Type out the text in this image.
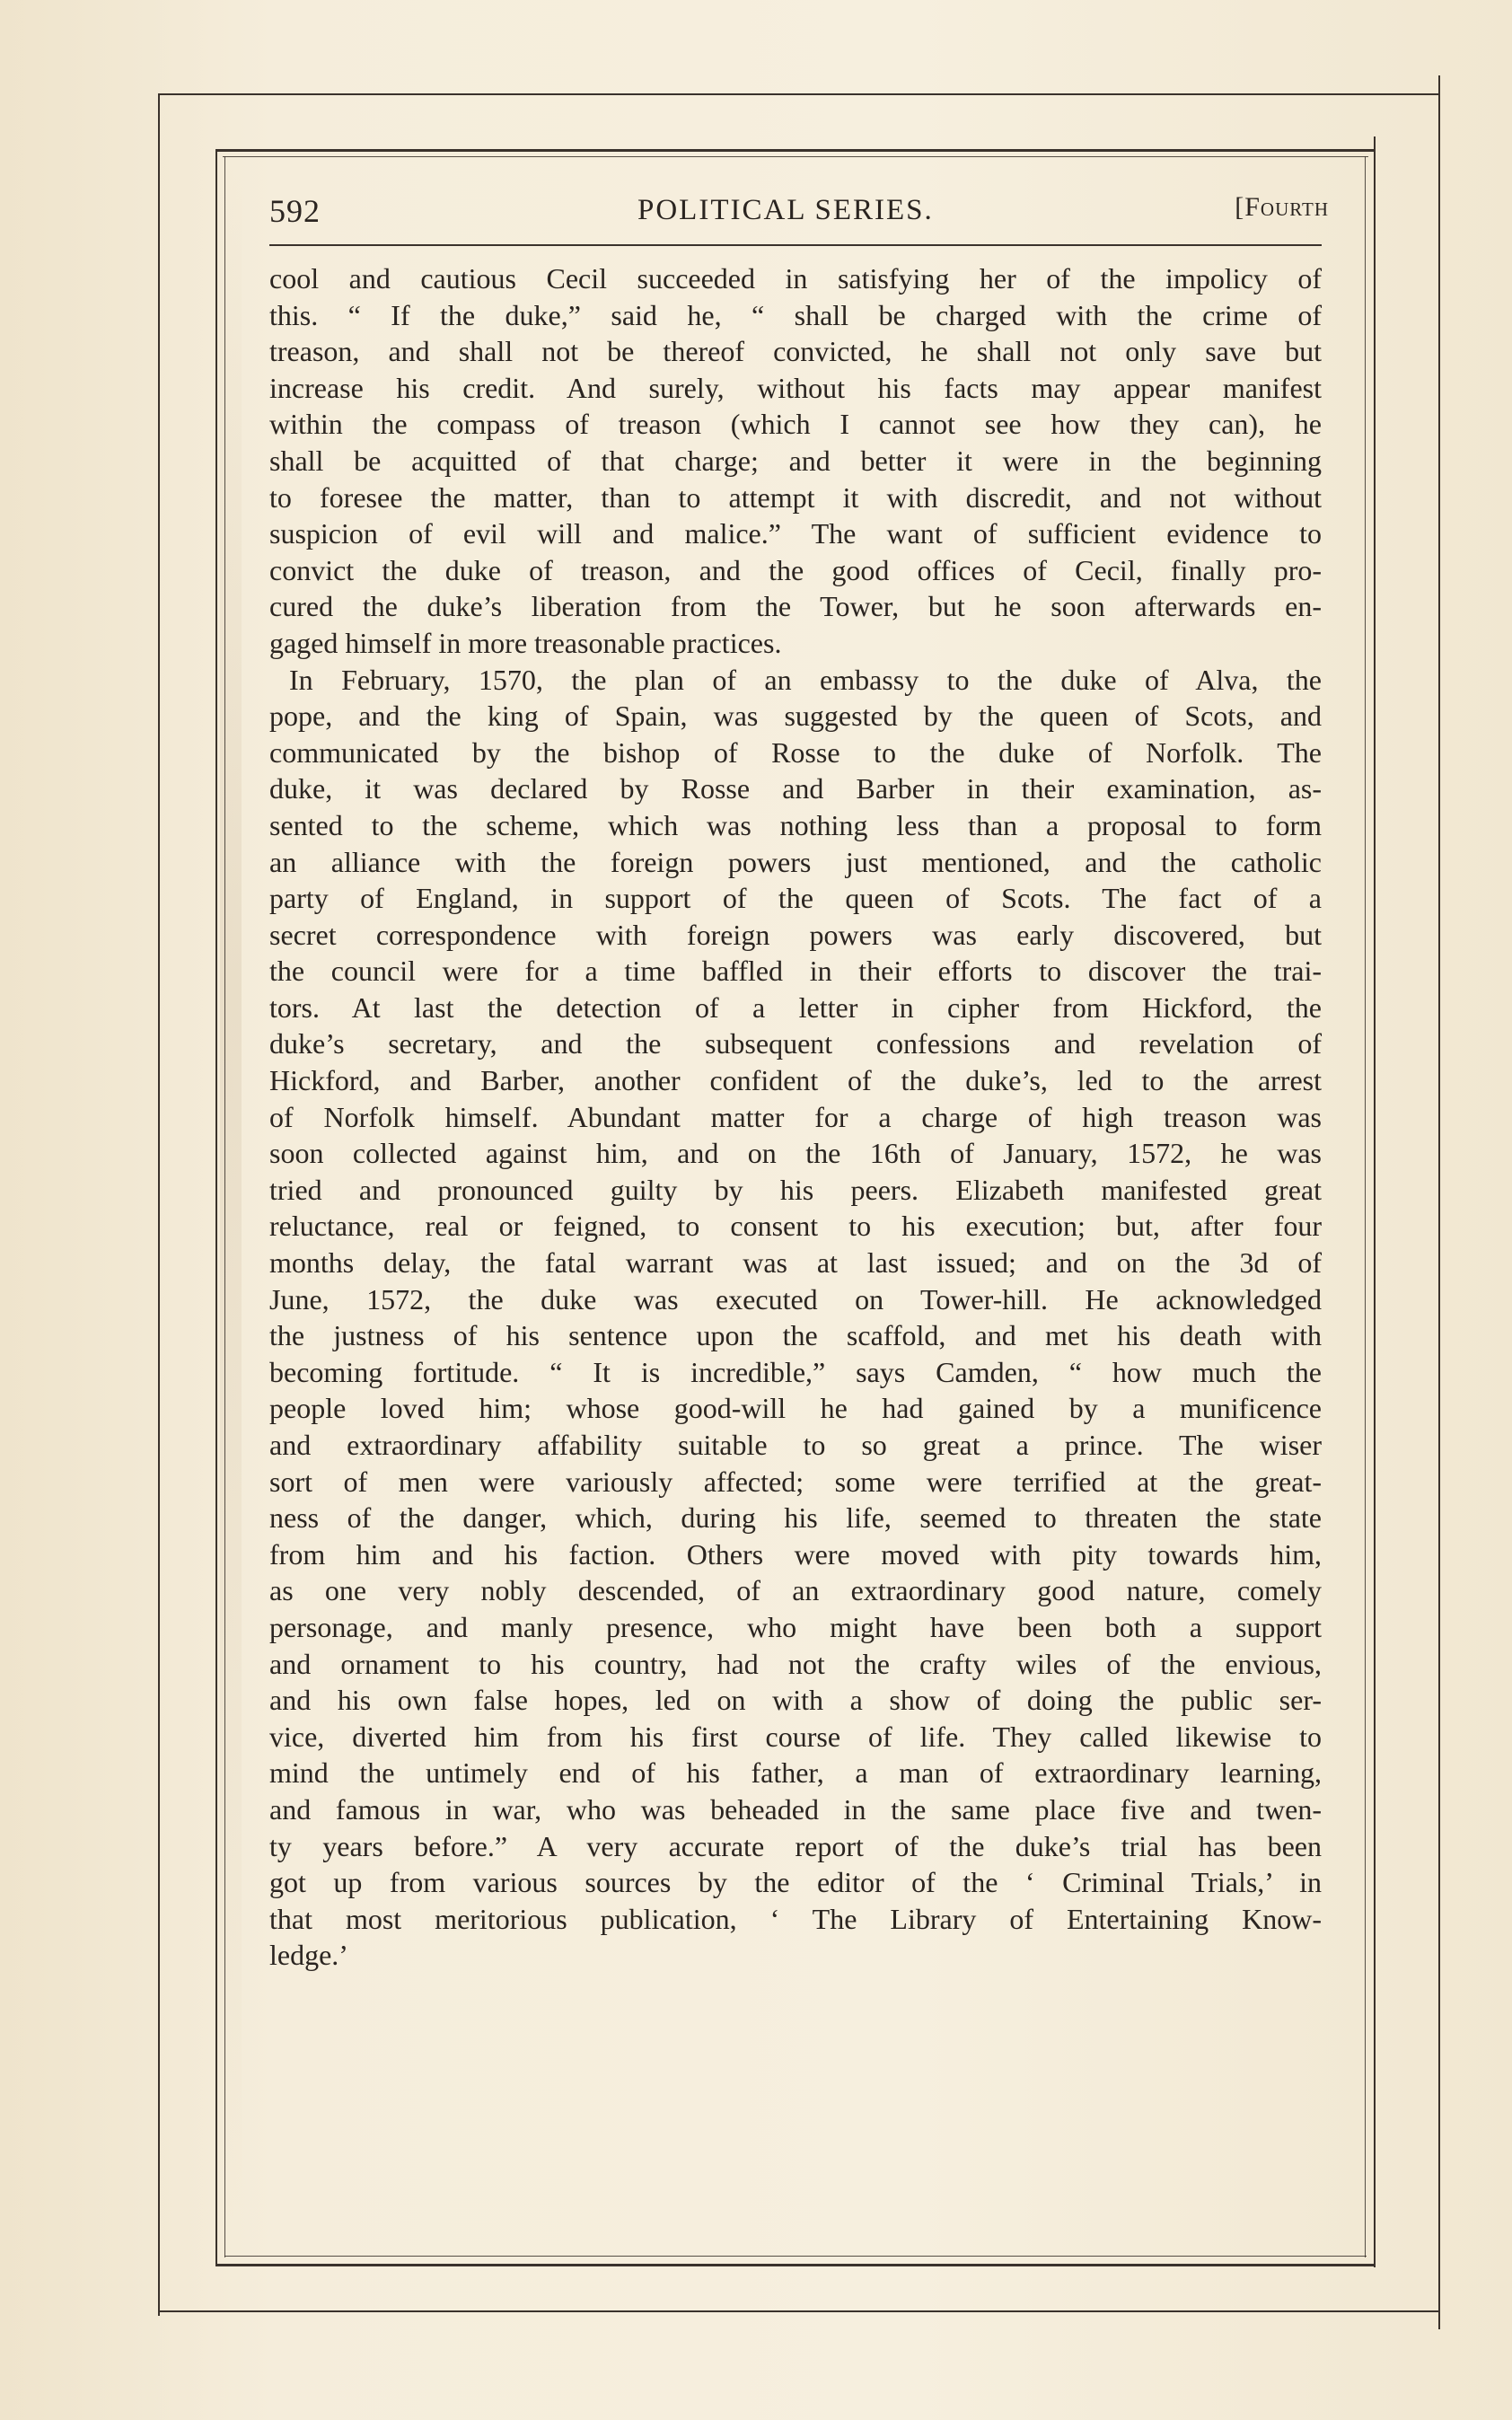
592	POLITICAL SERIES.	[Fourth
cool and cautious Cecil succeeded in satisfying her of the impolicy of
this. “ If the duke,” said he, “ shall be charged with the crime of
treason, and shall not be thereof convicted, he shall not only save but
increase his credit. And surely, without his facts may appear manifest
within the compass of treason (which I cannot see how they can), he
shall be acquitted of that charge; and better it were in the beginning
to foresee the matter, than to attempt it with discredit, and not without
suspicion of evil will and malice.” The want of sufficient evidence to
convict the duke of treason, and the good offices of Cecil, finally pro-
cured the duke’s liberation from the Tower, but he soon afterwards en-
gaged himself in more treasonable practices.
In February, 1570, the plan of an embassy to the duke of Alva, the
pope, and the king of Spain, was suggested by the queen of Scots, and
communicated by the bishop of Rosse to the duke of Norfolk. The
duke, it was declared by Rosse and Barber in their examination, as-
sented to the scheme, which was nothing less than a proposal to form
an alliance with the foreign powers just mentioned, and the catholic
party of England, in support of the queen of Scots. The fact of a
secret correspondence with foreign powers was early discovered, but
the council were for a time baffled in their efforts to discover the trai-
tors. At last the detection of a letter in cipher from Hickford, the
duke’s secretary, and the subsequent confessions and revelation of
Hickford, and Barber, another confident of the duke’s, led to the arrest
of Norfolk himself. Abundant matter for a charge of high treason was
soon collected against him, and on the 16th of January, 1572, he was
tried and pronounced guilty by his peers. Elizabeth manifested great
reluctance, real or feigned, to consent to his execution; but, after four
months delay, the fatal warrant was at last issued; and on the 3d of
June, 1572, the duke was executed on Tower-hill. He acknowledged
the justness of his sentence upon the scaffold, and met his death with
becoming fortitude. “ It is incredible,” says Camden, “ how much the
people loved him; whose good-will he had gained by a munificence
and extraordinary affability suitable to so great a prince. The wiser
sort of men were variously affected; some were terrified at the great-
ness of the danger, which, during his life, seemed to threaten the state
from him and his faction. Others were moved with pity towards him,
as one very nobly descended, of an extraordinary good nature, comely
personage, and manly presence, who might have been both a support
and ornament to his country, had not the crafty wiles of the envious,
and his own false hopes, led on with a show of doing the public ser-
vice, diverted him from his first course of life. They called likewise to
mind the untimely end of his father, a man of extraordinary learning,
and famous in war, who was beheaded in the same place five and twen-
ty years before.” A very accurate report of the duke’s trial has been
got up from various sources by the editor of the ‘ Criminal Trials,’ in
that most meritorious publication, ‘ The Library of Entertaining Know-
ledge.’
